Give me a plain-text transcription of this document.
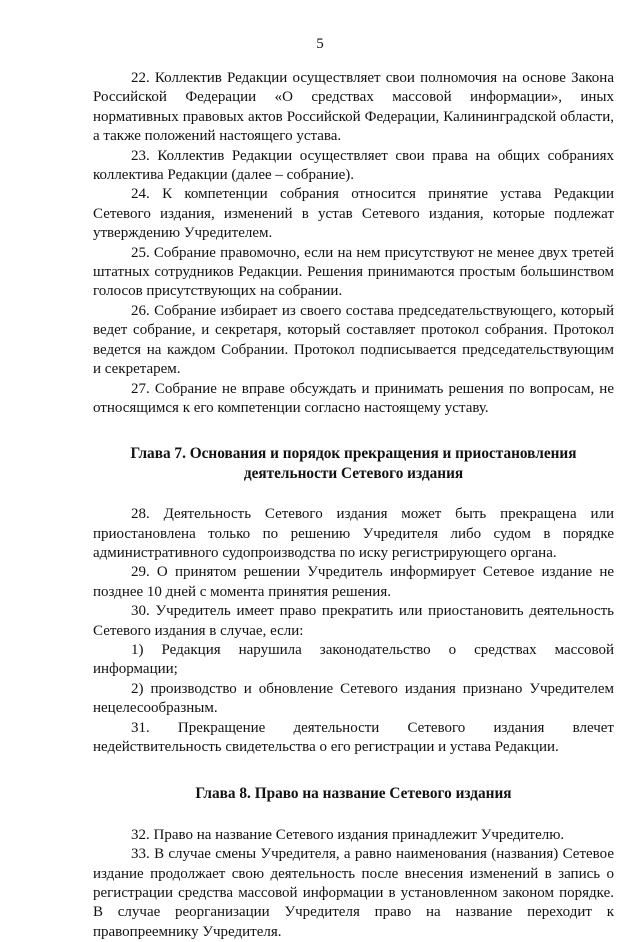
5

22. Коллектив Редакции осуществляет свои полномочия на основе Закона Российской Федерации «О средствах массовой информации», иных нормативных правовых актов Российской Федерации, Калининградской области, а также положений настоящего устава.

23. Коллектив Редакции осуществляет свои права на общих собраниях коллектива Редакции (далее – собрание).

24. К компетенции собрания относится принятие устава Редакции Сетевого издания, изменений в устав Сетевого издания, которые подлежат утверждению Учредителем.

25. Собрание правомочно, если на нем присутствуют не менее двух третей штатных сотрудников Редакции. Решения принимаются простым большинством голосов присутствующих на собрании.

26. Собрание избирает из своего состава председательствующего, который ведет собрание, и секретаря, который составляет протокол собрания. Протокол ведется на каждом Собрании. Протокол подписывается председательствующим и секретарем.

27. Собрание не вправе обсуждать и принимать решения по вопросам, не относящимся к его компетенции согласно настоящему уставу.

Глава 7. Основания и порядок прекращения и приостановления деятельности Сетевого издания

28. Деятельность Сетевого издания может быть прекращена или приостановлена только по решению Учредителя либо судом в порядке административного судопроизводства по иску регистрирующего органа.

29. О принятом решении Учредитель информирует Сетевое издание не позднее 10 дней с момента принятия решения.

30. Учредитель имеет право прекратить или приостановить деятельность Сетевого издания в случае, если:

1) Редакция нарушила законодательство о средствах массовой информации;

2) производство и обновление Сетевого издания признано Учредителем нецелесообразным.

31. Прекращение деятельности Сетевого издания влечет недействительность свидетельства о его регистрации и устава Редакции.

Глава 8. Право на название Сетевого издания

32. Право на название Сетевого издания принадлежит Учредителю.

33. В случае смены Учредителя, а равно наименования (названия) Сетевое издание продолжает свою деятельность после внесения изменений в запись о регистрации средства массовой информации в установленном законом порядке. В случае реорганизации Учредителя право на название переходит к правопреемнику Учредителя.
